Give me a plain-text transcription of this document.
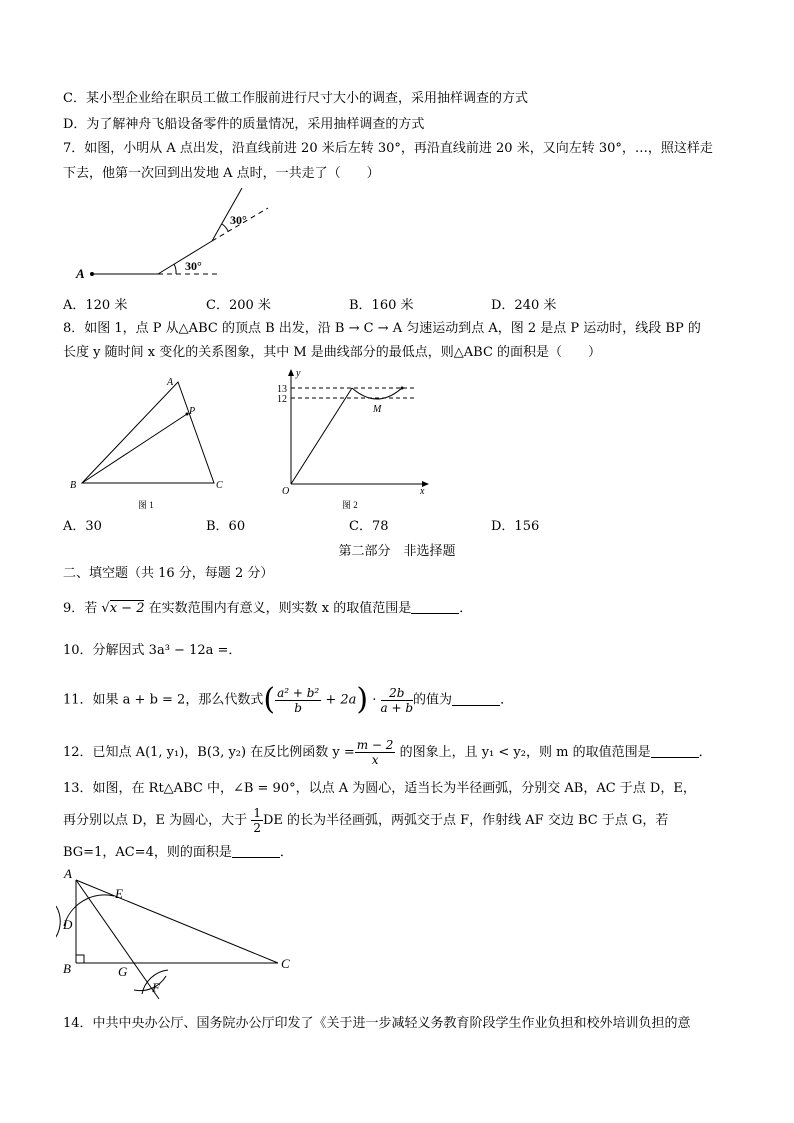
C．某小型企业给在职员工做工作服前进行尺寸大小的调查，采用抽样调查的方式
D．为了解神舟飞船设备零件的质量情况，采用抽样调查的方式
7．如图，小明从 A 点出发，沿直线前进 20 米后左转 30°，再沿直线前进 20 米，又向左转 30°，…，照这样走
下去，他第一次回到出发地 A 点时，一共走了（　　）
A	30°
30°
A．120 米	C．200 米	B．160 米	D．240 米
8．如图 1，点 P 从△ABC 的顶点 B 出发，沿 B → C → A 匀速运动到点 A，图 2 是点 P 运动时，线段 BP 的
长度 y 随时间 x 变化的关系图象，其中 M 是曲线部分的最低点，则△ABC 的面积是（　　）
A
B	C
P
图 1
y
13
12
O	x
M
图 2
A．30	B．60	C．78	D．156
第二部分　非选择题
二、填空题（共 16 分，每题 2 分）
9．若 √x − 2 在实数范围内有意义，则实数 x 的取值范围是	．
10．分解因式 3a³ − 12a =．
11．如果 a + b = 2，那么代数式( $\frac{\text{a² + b²}}{b} + 2a) \cdot \frac{2b}{a + b}$ 的值为	．
12．已知点 A(1, y₁)，B(3, y₂) 在反比例函数 $y = \frac{m - 2}{x}$ 的图象上，且 y₁ < y₂，则 m 的取值范围是	．
13．如图，在 Rt△ABC 中，∠B = 90°，以点 A 为圆心，适当长为半径画弧，分别交 AB，AC 于点 D，E，
再分别以点 D，E 为圆心，大于 $\frac{1}{2}$ DE 的长为半径画弧，两弧交于点 F，作射线 AF 交边 BC 于点 G，若
BG=1，AC=4，则的面积是	．
A
E
D
B	G
C
F
14．中共中央办公厅、国务院办公厅印发了《关于进一步减轻义务教育阶段学生作业负担和校外培训负担的意
